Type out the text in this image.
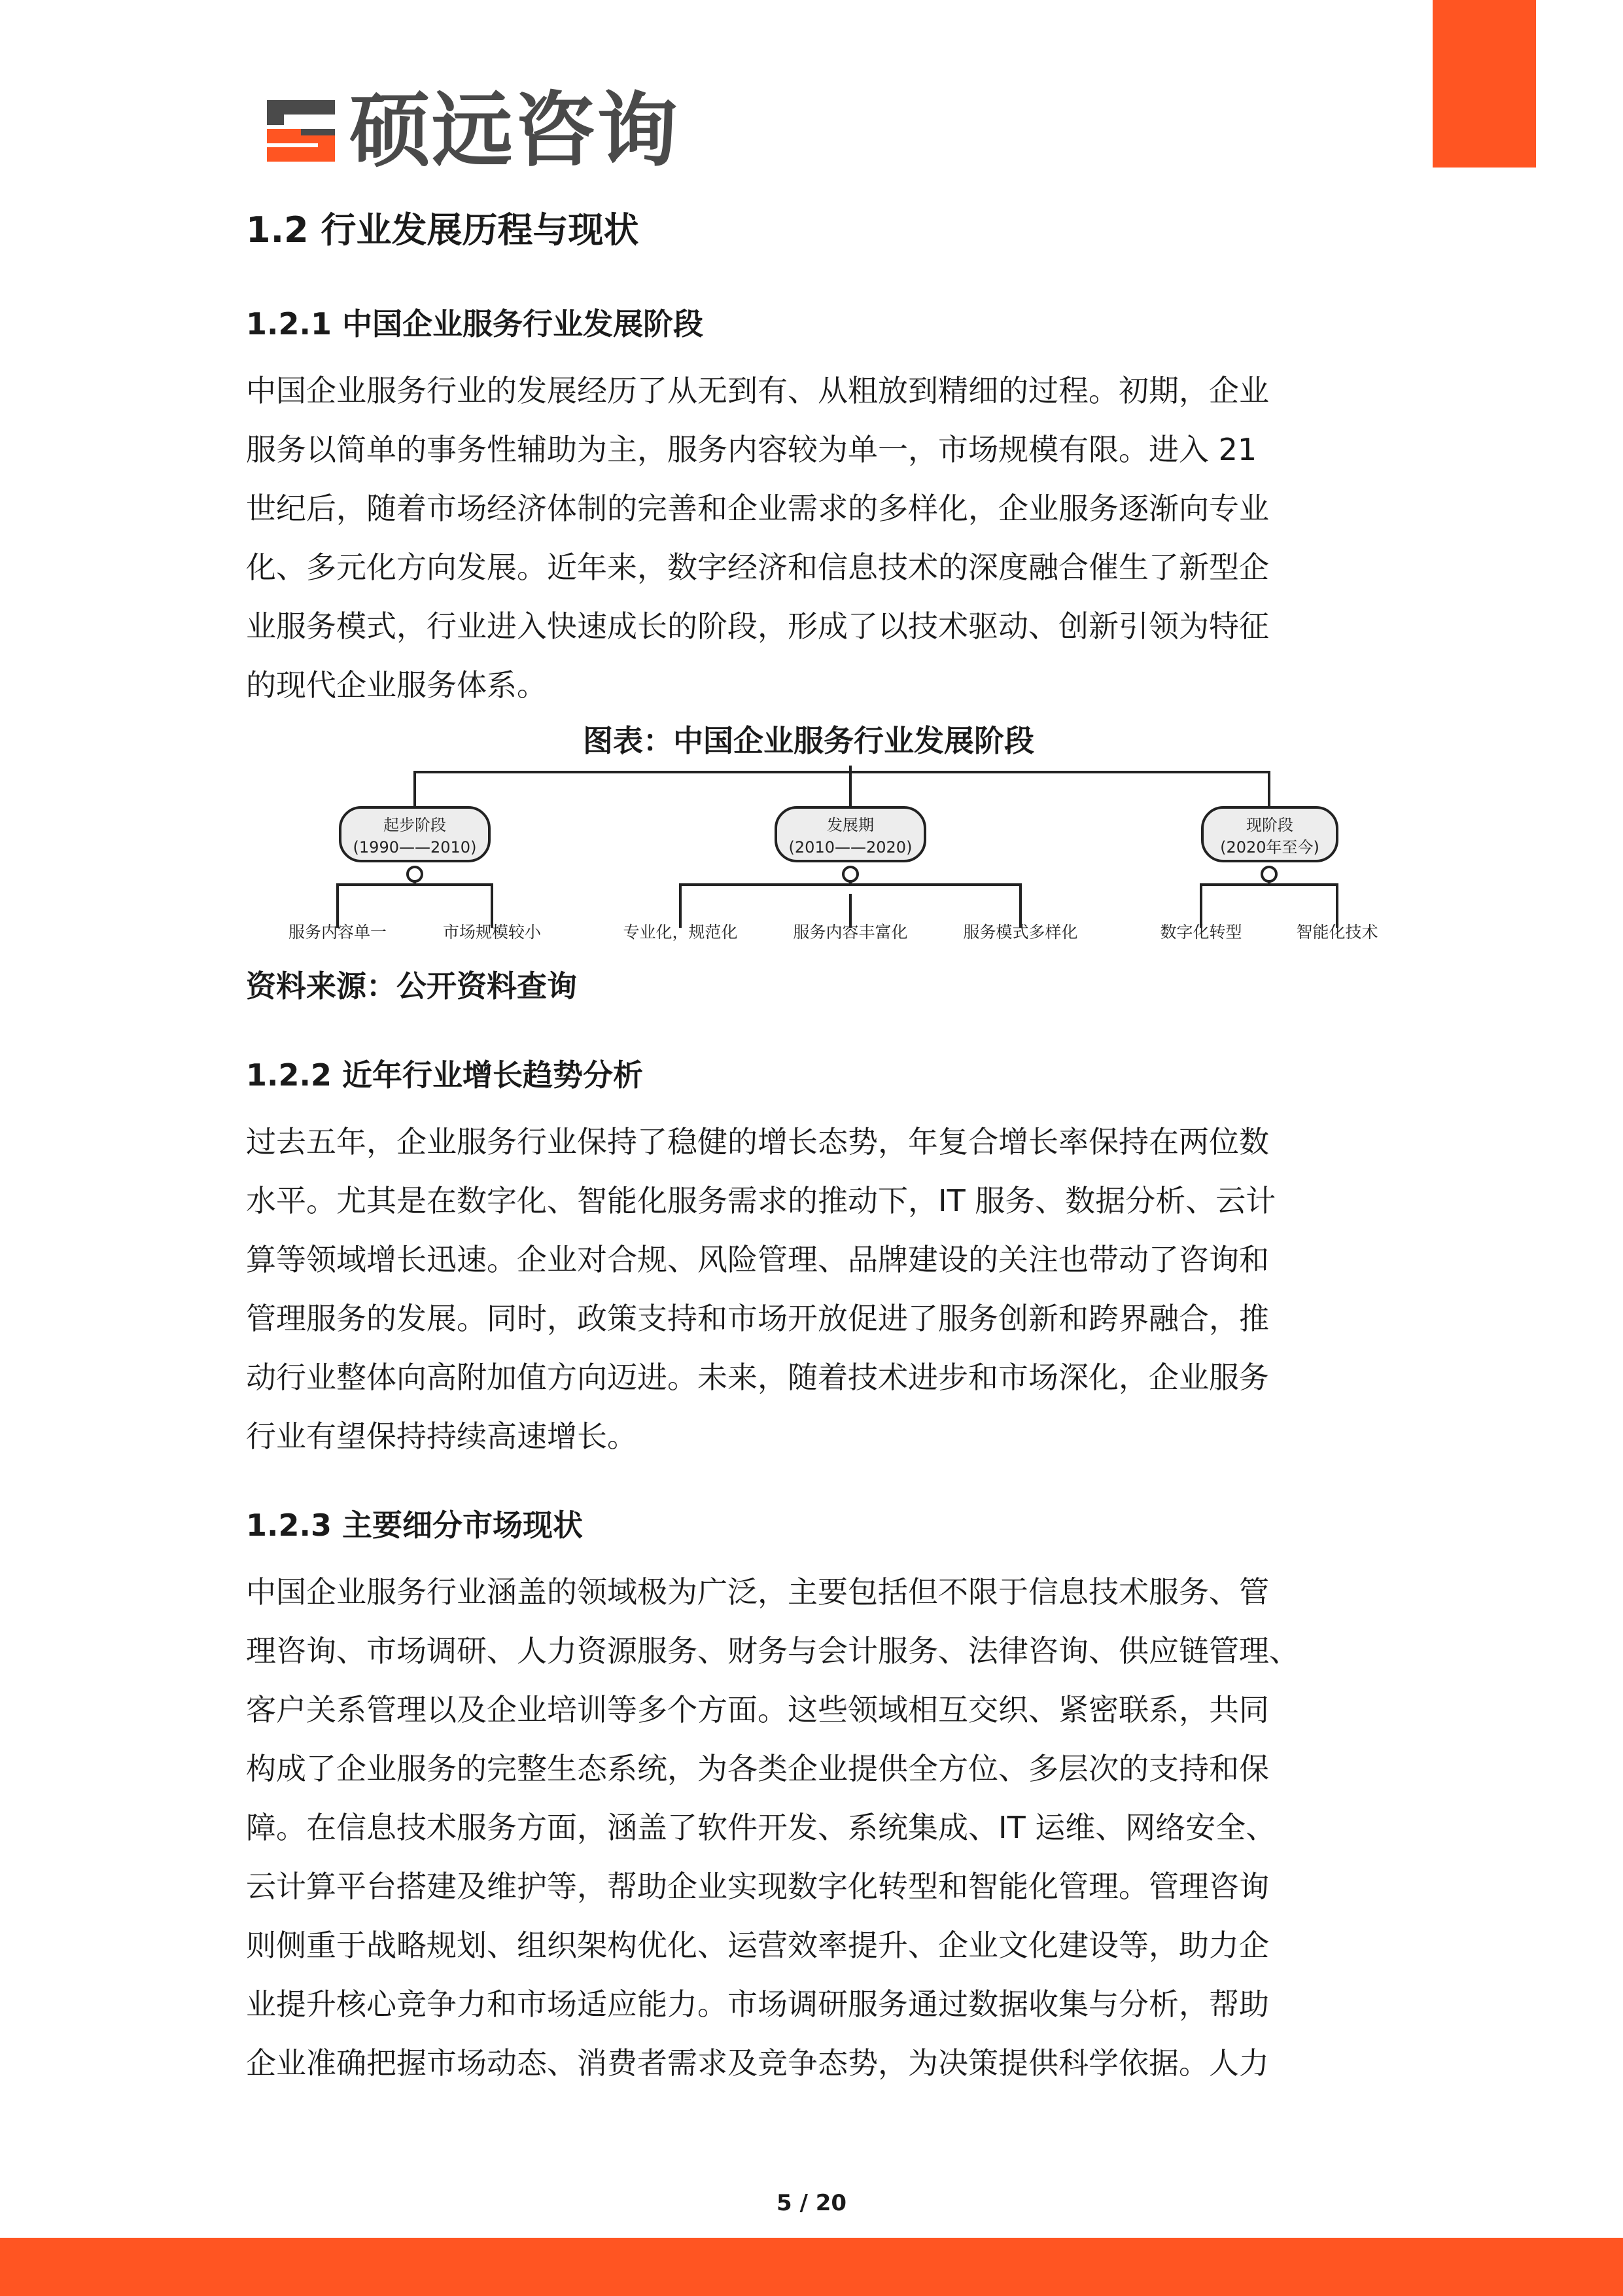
硕远咨询
1.2 行业发展历程与现状
1.2.1 中国企业服务行业发展阶段

中国企业服务行业的发展经历了从无到有、从粗放到精细的过程。初期，企业

服务以简单的事务性辅助为主，服务内容较为单一，市场规模有限。进入 21

世纪后，随着市场经济体制的完善和企业需求的多样化，企业服务逐渐向专业

化、多元化方向发展。近年来，数字经济和信息技术的深度融合催生了新型企

业服务模式，行业进入快速成长的阶段，形成了以技术驱动、创新引领为特征

的现代企业服务体系。

图表：中国企业服务行业发展阶段
起步阶段
(1990——2010)
发展期
(2010——2020)
现阶段
(2020年至今)
服务内容单一	市场规模较小	专业化，规范化	服务内容丰富化	服务模式多样化	数字化转型	智能化技术
资料来源：公开资料查询
1.2.2 近年行业增长趋势分析

过去五年，企业服务行业保持了稳健的增长态势，年复合增长率保持在两位数

水平。尤其是在数字化、智能化服务需求的推动下，IT 服务、数据分析、云计

算等领域增长迅速。企业对合规、风险管理、品牌建设的关注也带动了咨询和

管理服务的发展。同时，政策支持和市场开放促进了服务创新和跨界融合，推

动行业整体向高附加值方向迈进。未来，随着技术进步和市场深化，企业服务

行业有望保持持续高速增长。

1.2.3 主要细分市场现状

中国企业服务行业涵盖的领域极为广泛，主要包括但不限于信息技术服务、管

理咨询、市场调研、人力资源服务、财务与会计服务、法律咨询、供应链管理、

客户关系管理以及企业培训等多个方面。这些领域相互交织、紧密联系，共同

构成了企业服务的完整生态系统，为各类企业提供全方位、多层次的支持和保

障。在信息技术服务方面，涵盖了软件开发、系统集成、IT 运维、网络安全、

云计算平台搭建及维护等，帮助企业实现数字化转型和智能化管理。管理咨询

则侧重于战略规划、组织架构优化、运营效率提升、企业文化建设等，助力企

业提升核心竞争力和市场适应能力。市场调研服务通过数据收集与分析，帮助

企业准确把握市场动态、消费者需求及竞争态势，为决策提供科学依据。人力

5 / 20
